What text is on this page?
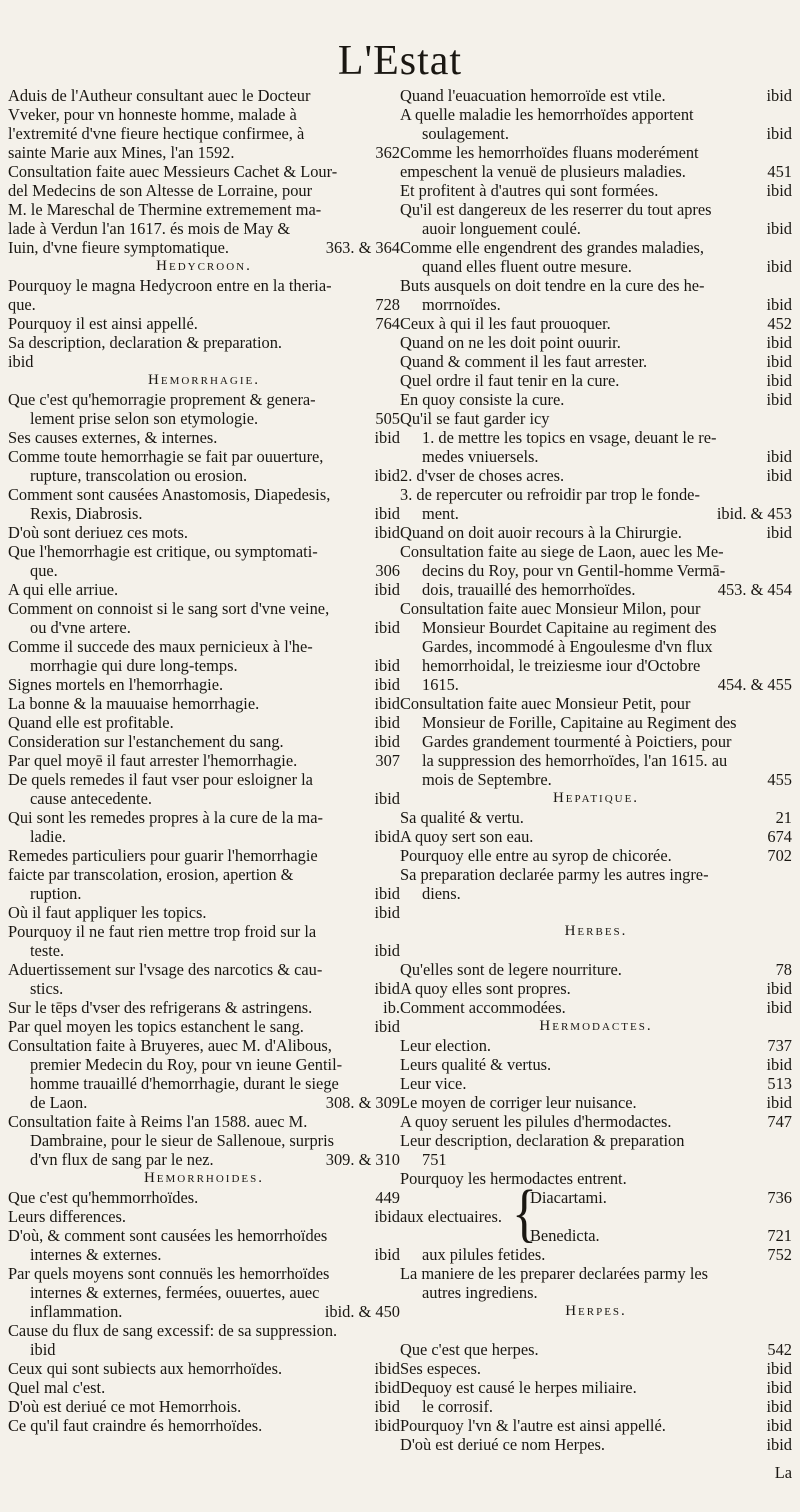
L'Estat
Aduis de l'Autheur consultant auec le Docteur
Vveker, pour vn honneste homme, malade à
l'extremité d'vne fieure hectique confirmee, à
sainte Marie aux Mines, l'an 1592.	362
Consultation faite auec Messieurs Cachet & Lour-
del Medecins de son Altesse de Lorraine, pour
M. le Mareschal de Thermine extremement ma-
lade à Verdun l'an 1617. és mois de May &
Iuin, d'vne fieure symptomatique.	363. & 364
Hedycroon.
Pourquoy le magna Hedycroon entre en la theria-
que.	728
Pourquoy il est ainsi appellé.	764
Sa description, declaration & preparation.
ibid
Hemorrhagie.
Que c'est qu'hemorragie proprement & genera-
lement prise selon son etymologie.	505
Ses causes externes, & internes.	ibid
Comme toute hemorrhagie se fait par ouuerture,
rupture, transcolation ou erosion.	ibid
Comment sont causées Anastomosis, Diapedesis,
Rexis, Diabrosis.	ibid
D'où sont deriuez ces mots.	ibid
Que l'hemorrhagie est critique, ou symptomati-
que.	306
A qui elle arriue.	ibid
Comment on connoist si le sang sort d'vne veine,
ou d'vne artere.	ibid
Comme il succede des maux pernicieux à l'he-
morrhagie qui dure long-temps.	ibid
Signes mortels en l'hemorrhagie.	ibid
La bonne & la mauuaise hemorrhagie.	ibid
Quand elle est profitable.	ibid
Consideration sur l'estanchement du sang.	ibid
Par quel moyē il faut arrester l'hemorrhagie.	307
De quels remedes il faut vser pour esloigner la
cause antecedente.	ibid
Qui sont les remedes propres à la cure de la ma-
ladie.	ibid
Remedes particuliers pour guarir l'hemorrhagie
faicte par transcolation, erosion, apertion &
ruption.	ibid
Où il faut appliquer les topics.	ibid
Pourquoy il ne faut rien mettre trop froid sur la
teste.	ibid
Aduertissement sur l'vsage des narcotics & cau-
stics.	ibid
Sur le tēps d'vser des refrigerans & astringens.	ib.
Par quel moyen les topics estanchent le sang.	ibid
Consultation faite à Bruyeres, auec M. d'Alibous,
premier Medecin du Roy, pour vn ieune Gentil-
homme trauaillé d'hemorrhagie, durant le siege
de Laon.	308. & 309
Consultation faite à Reims l'an 1588. auec M.
Dambraine, pour le sieur de Sallenoue, surpris
d'vn flux de sang par le nez.	309. & 310
Hemorrhoides.
Que c'est qu'hemmorrhoïdes.	449
Leurs differences.	ibid
D'où, & comment sont causées les hemorrhoïdes
internes & externes.	ibid
Par quels moyens sont connuës les hemorrhoïdes
internes & externes, fermées, ouuertes, auec
inflammation.	ibid. & 450
Cause du flux de sang excessif: de sa suppression.
ibid
Ceux qui sont subiects aux hemorrhoïdes.	ibid
Quel mal c'est.	ibid
D'où est deriué ce mot Hemorrhois.	ibid
Ce qu'il faut craindre és hemorrhoïdes.	ibid
Quand l'euacuation hemorroïde est vtile.	ibid
A quelle maladie les hemorrhoïdes apportent
soulagement.	ibid
Comme les hemorrhoïdes fluans moderément
empeschent la venuë de plusieurs maladies.	451
Et profitent à d'autres qui sont formées.	ibid
Qu'il est dangereux de les reserrer du tout apres
auoir longuement coulé.	ibid
Comme elle engendrent des grandes maladies,
quand elles fluent outre mesure.	ibid
Buts ausquels on doit tendre en la cure des he-
morrnoïdes.	ibid
Ceux à qui il les faut prouoquer.	452
Quand on ne les doit point ouurir.	ibid
Quand & comment il les faut arrester.	ibid
Quel ordre il faut tenir en la cure.	ibid
En quoy consiste la cure.	ibid
Qu'il se faut garder icy
1. de mettre les topics en vsage, deuant le re-
medes vniuersels.	ibid
2. d'vser de choses acres.	ibid
3. de repercuter ou refroidir par trop le fonde-
ment.	ibid. & 453
Quand on doit auoir recours à la Chirurgie.	ibid
Consultation faite au siege de Laon, auec les Me-
decins du Roy, pour vn Gentil-homme Vermā-
dois, trauaillé des hemorrhoïdes.	453. & 454
Consultation faite auec Monsieur Milon, pour
Monsieur Bourdet Capitaine au regiment des
Gardes, incommodé à Engoulesme d'vn flux
hemorrhoidal, le treiziesme iour d'Octobre
1615.	454. & 455
Consultation faite auec Monsieur Petit, pour
Monsieur de Forille, Capitaine au Regiment des
Gardes grandement tourmenté à Poictiers, pour
la suppression des hemorrhoïdes, l'an 1615. au
mois de Septembre.	455
Hepatique.
Sa qualité & vertu.	21
A quoy sert son eau.	674
Pourquoy elle entre au syrop de chicorée.	702
Sa preparation declarée parmy les autres ingre-
diens.
Herbes.
Qu'elles sont de legere nourriture.	78
A quoy elles sont propres.	ibid
Comment accommodées.	ibid
Hermodactes.
Leur election.	737
Leurs qualité & vertus.	ibid
Leur vice.	513
Le moyen de corriger leur nuisance.	ibid
A quoy seruent les pilules d'hermodactes.	747
Leur description, declaration & preparation
751
Pourquoy les hermodactes entrent.
Diacartami.	736
aux electuaires.
Benedicta.	721
aux pilules fetides.	752
La maniere de les preparer declarées parmy les
autres ingrediens.
Herpes.
Que c'est que herpes.	542
Ses especes.	ibid
Dequoy est causé le herpes miliaire.	ibid
le corrosif.	ibid
Pourquoy l'vn & l'autre est ainsi appellé.	ibid
D'où est deriué ce nom Herpes.	ibid
{
La
